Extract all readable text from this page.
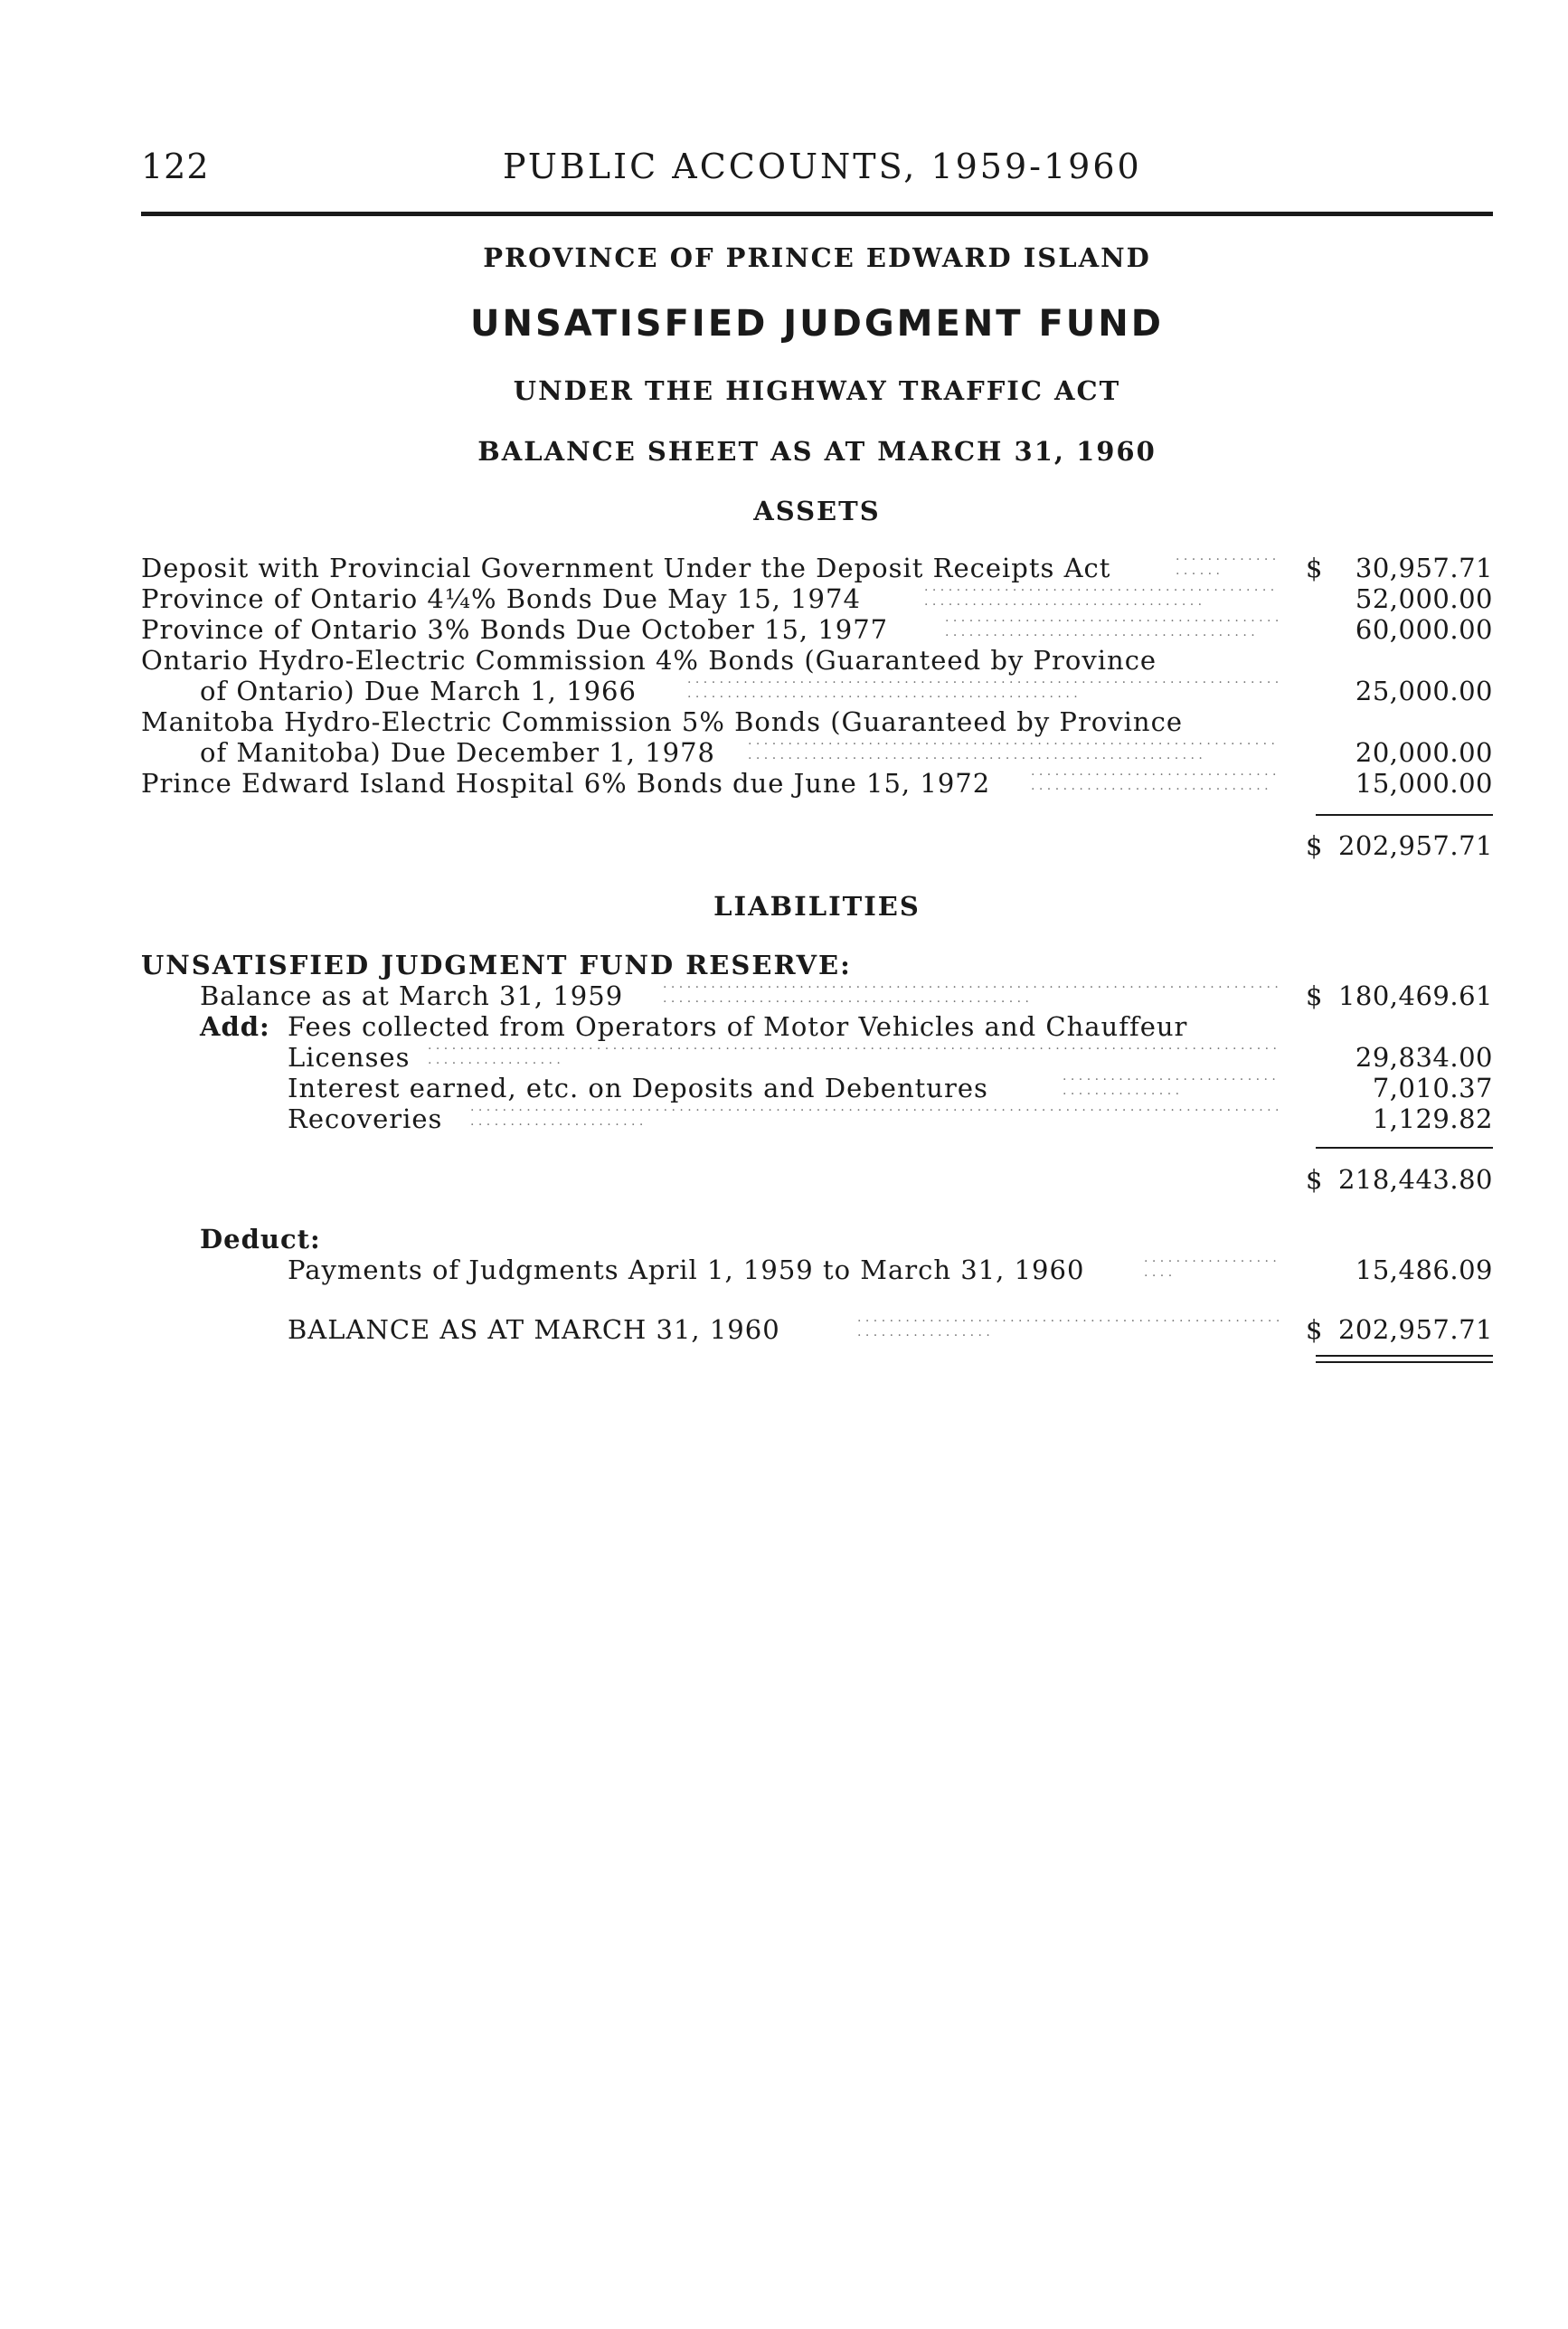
122	PUBLIC ACCOUNTS, 1959-1960
PROVINCE OF PRINCE EDWARD ISLAND
UNSATISFIED JUDGMENT FUND
UNDER THE HIGHWAY TRAFFIC ACT
BALANCE SHEET AS AT MARCH 31, 1960
ASSETS
Deposit with Provincial Government Under the Deposit Receipts Act . . .	$ 30,957.71
Province of Ontario 4¼% Bonds Due May 15, 1974 . . .	52,000.00
Province of Ontario 3% Bonds Due October 15, 1977 . . .	60,000.00
Ontario Hydro-Electric Commission 4% Bonds (Guaranteed by Province
of Ontario) Due March 1, 1966 . . .	25,000.00
Manitoba Hydro-Electric Commission 5% Bonds (Guaranteed by Province
of Manitoba) Due December 1, 1978 . . .	20,000.00
Prince Edward Island Hospital 6% Bonds due June 15, 1972 . . .	15,000.00
$ 202,957.71
LIABILITIES
UNSATISFIED JUDGMENT FUND RESERVE:
Balance as at March 31, 1959 . . .	$ 180,469.61
Add: Fees collected from Operators of Motor Vehicles and Chauffeur
Licenses . . .	29,834.00
Interest earned, etc. on Deposits and Debentures . . .	7,010.37
Recoveries . . .	1,129.82
$ 218,443.80
Deduct:
Payments of Judgments April 1, 1959 to March 31, 1960 . . .	15,486.09
BALANCE AS AT MARCH 31, 1960 . . .	$ 202,957.71
